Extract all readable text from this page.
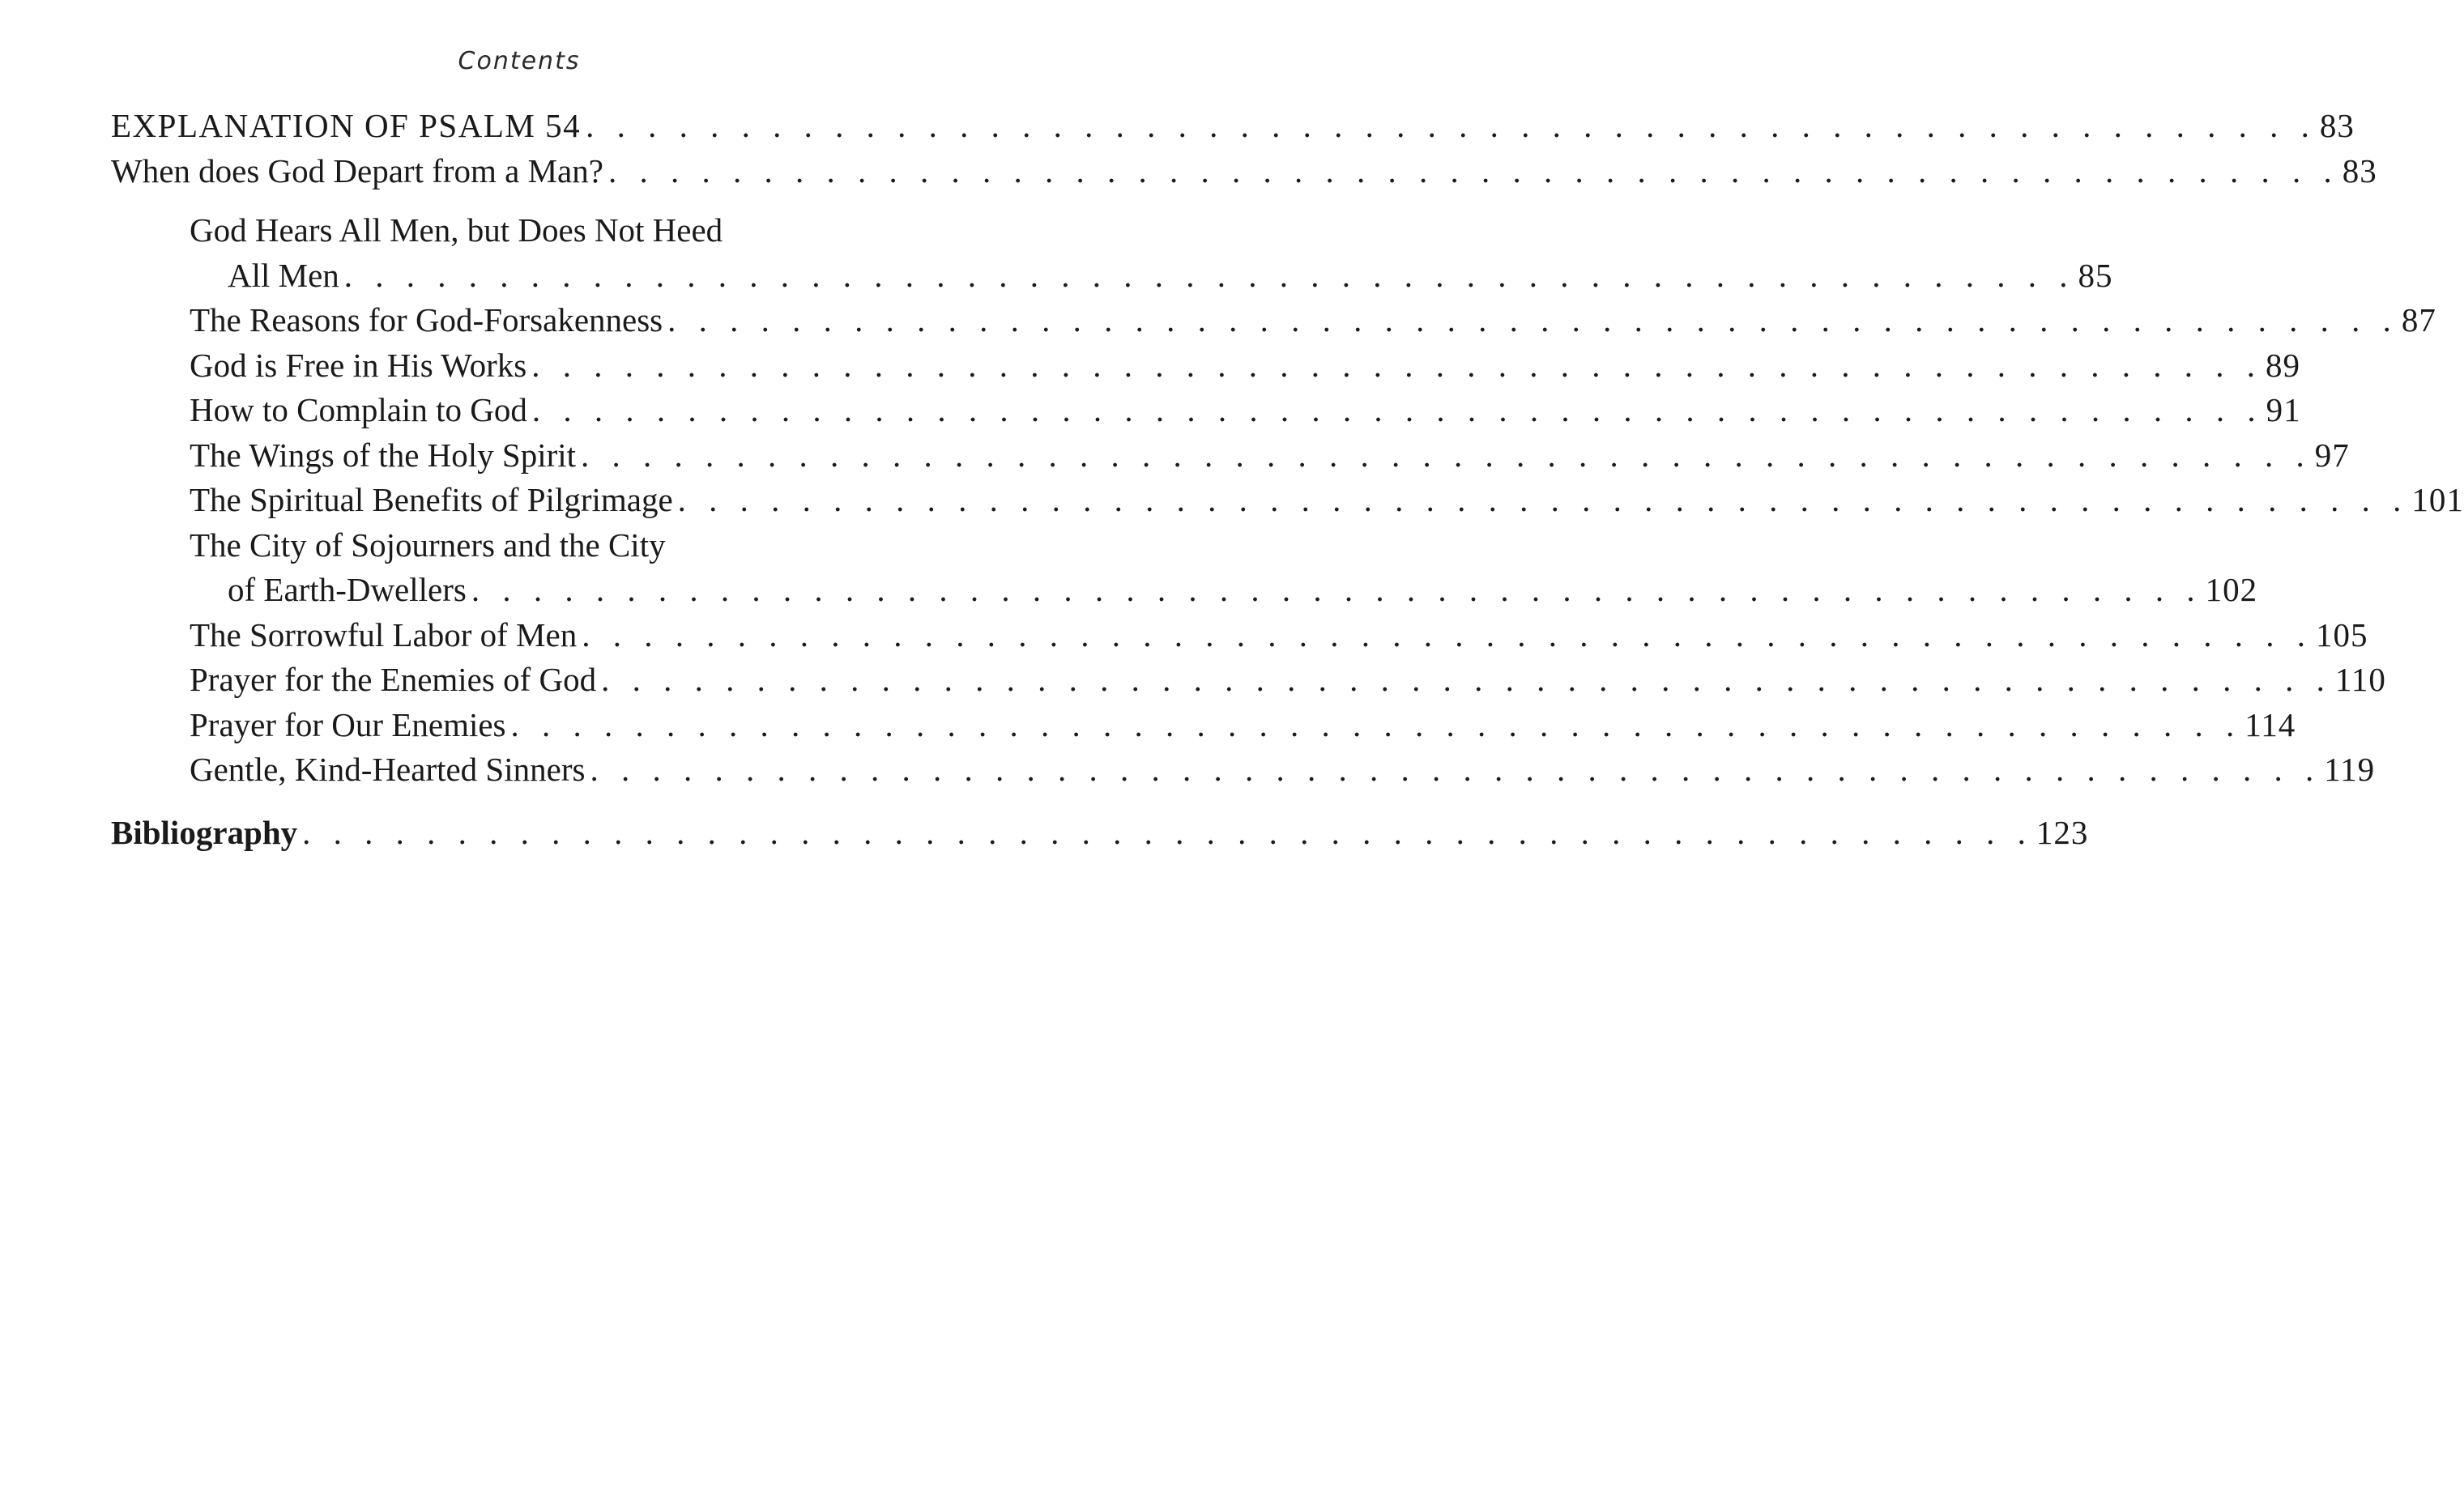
Contents
EXPLANATION OF PSALM 54 . . . . . . . . . . . . . . . . . . . . . . . . . . . . . . . . . . . . . . . . . . . . . . . . . . . . . . . . 83
When does God Depart from a Man? . . . . . . . . . . . . . . . . . . . . . . . . . . . . . . . . . . . . . . . . . . . . . . . . . . . . . . . . 83
God Hears All Men, but Does Not Heed
All Men . . . . . . . . . . . . . . . . . . . . . . . . . . . . . . . . . . . . . . . . . . . . . . . . . . . . . . . . 85
The Reasons for God-Forsakenness . . . . . . . . . . . . . . . . . . . . . . . . . . . . . . . . . . . . . . . . . . . . . . . . . . . . . . . . 87
God is Free in His Works . . . . . . . . . . . . . . . . . . . . . . . . . . . . . . . . . . . . . . . . . . . . . . . . . . . . . . . . 89
How to Complain to God . . . . . . . . . . . . . . . . . . . . . . . . . . . . . . . . . . . . . . . . . . . . . . . . . . . . . . . . 91
The Wings of the Holy Spirit . . . . . . . . . . . . . . . . . . . . . . . . . . . . . . . . . . . . . . . . . . . . . . . . . . . . . . . . 97
The Spiritual Benefits of Pilgrimage . . . . . . . . . . . . . . . . . . . . . . . . . . . . . . . . . . . . . . . . . . . . . . . . . . . . . . . . 101
The City of Sojourners and the City
of Earth-Dwellers . . . . . . . . . . . . . . . . . . . . . . . . . . . . . . . . . . . . . . . . . . . . . . . . . . . . . . . . 102
The Sorrowful Labor of Men . . . . . . . . . . . . . . . . . . . . . . . . . . . . . . . . . . . . . . . . . . . . . . . . . . . . . . . . 105
Prayer for the Enemies of God . . . . . . . . . . . . . . . . . . . . . . . . . . . . . . . . . . . . . . . . . . . . . . . . . . . . . . . . 110
Prayer for Our Enemies . . . . . . . . . . . . . . . . . . . . . . . . . . . . . . . . . . . . . . . . . . . . . . . . . . . . . . . . 114
Gentle, Kind-Hearted Sinners . . . . . . . . . . . . . . . . . . . . . . . . . . . . . . . . . . . . . . . . . . . . . . . . . . . . . . . . 119
Bibliography . . . . . . . . . . . . . . . . . . . . . . . . . . . . . . . . . . . . . . . . . . . . . . . . . . . . . . . . 123
